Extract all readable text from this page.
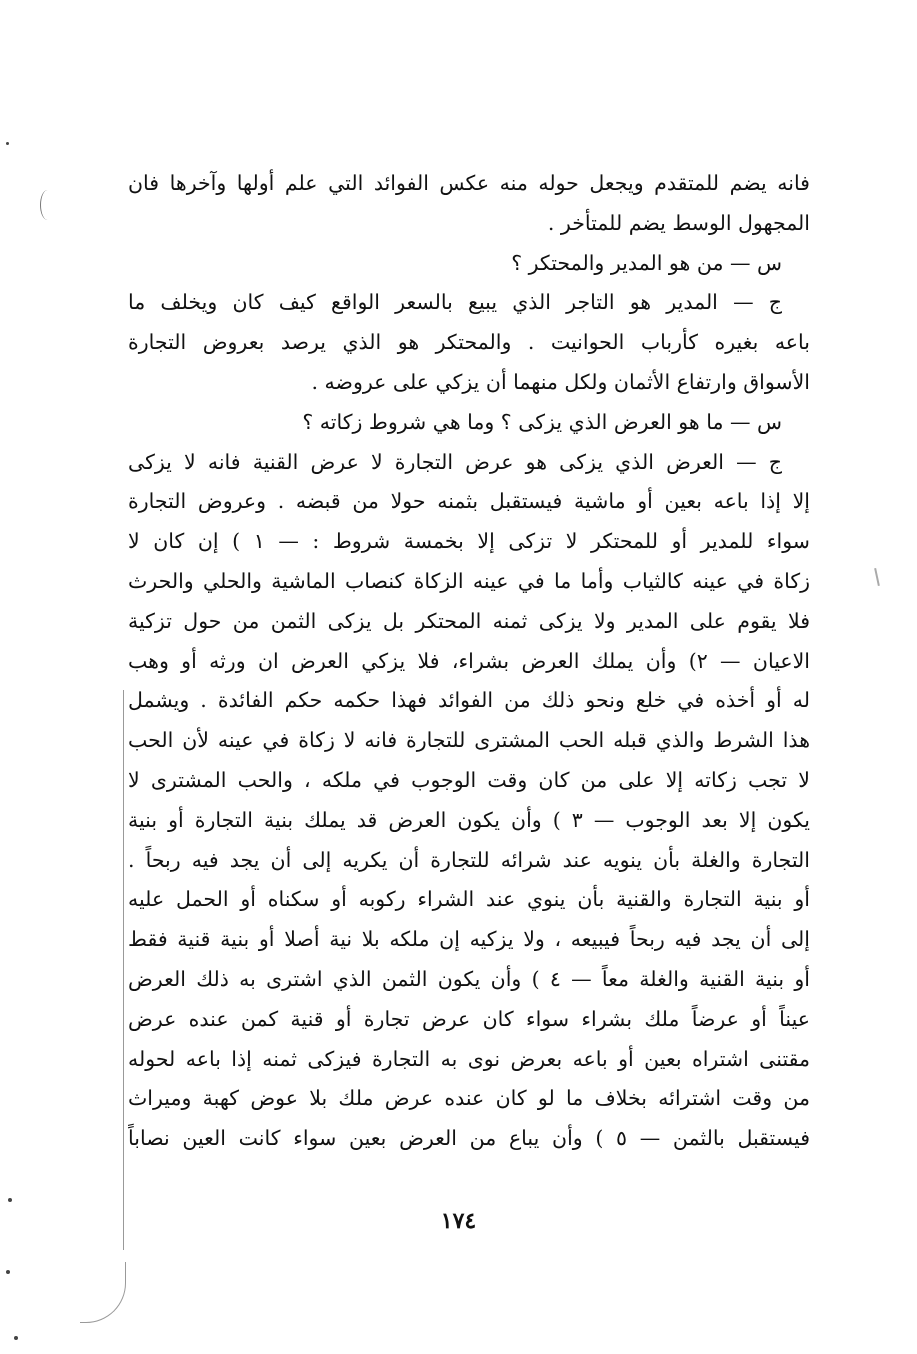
فانه يضم للمتقدم ويجعل حوله منه عكس الفوائد التي علم أولها وآخرها فان
المجهول الوسط يضم للمتأخر .
س — من هو المدير والمحتكر ؟
ج — المدير هو التاجر الذي يبيع بالسعر الواقع كيف كان ويخلف ما
باعه بغيره كأرباب الحوانيت . والمحتكر هو الذي يرصد بعروض التجارة
الأسواق وارتفاع الأثمان ولكل منهما أن يزكي على عروضه .
س — ما هو العرض الذي يزكى ؟ وما هي شروط زكاته ؟
ج — العرض الذي يزكى هو عرض التجارة لا عرض القنية فانه لا يزكى
إلا إذا باعه بعين أو ماشية فيستقبل بثمنه حولا من قبضه . وعروض التجارة
سواء للمدير أو للمحتكر لا تزكى إلا بخمسة شروط : — ١ ) إن كان لا
زكاة في عينه كالثياب وأما ما في عينه الزكاة كنصاب الماشية والحلي والحرث
فلا يقوم على المدير ولا يزكى ثمنه المحتكر بل يزكى الثمن من حول تزكية
الاعيان — ٢) وأن يملك العرض بشراء، فلا يزكي العرض ان ورثه أو وهب
له أو أخذه في خلع ونحو ذلك من الفوائد فهذا حكمه حكم الفائدة . ويشمل
هذا الشرط والذي قبله الحب المشترى للتجارة فانه لا زكاة في عينه لأن الحب
لا تجب زكاته إلا على من كان وقت الوجوب في ملكه ، والحب المشترى لا
يكون إلا بعد الوجوب — ٣ ) وأن يكون العرض قد يملك بنية التجارة أو بنية
التجارة والغلة بأن ينويه عند شرائه للتجارة أن يكريه إلى أن يجد فيه ربحاً .
أو بنية التجارة والقنية بأن ينوي عند الشراء ركوبه أو سكناه أو الحمل عليه
إلى أن يجد فيه ربحاً فيبيعه ، ولا يزكيه إن ملكه بلا نية أصلا أو بنية قنية فقط
أو بنية القنية والغلة معاً — ٤ ) وأن يكون الثمن الذي اشترى به ذلك العرض
عيناً أو عرضاً ملك بشراء سواء كان عرض تجارة أو قنية كمن عنده عرض
مقتنى اشتراه بعين أو باعه بعرض نوى به التجارة فيزكى ثمنه إذا باعه لحوله
من وقت اشترائه بخلاف ما لو كان عنده عرض ملك بلا عوض كهبة وميراث
فيستقبل بالثمن — ٥ ) وأن يباع من العرض بعين سواء كانت العين نصاباً
١٧٤
